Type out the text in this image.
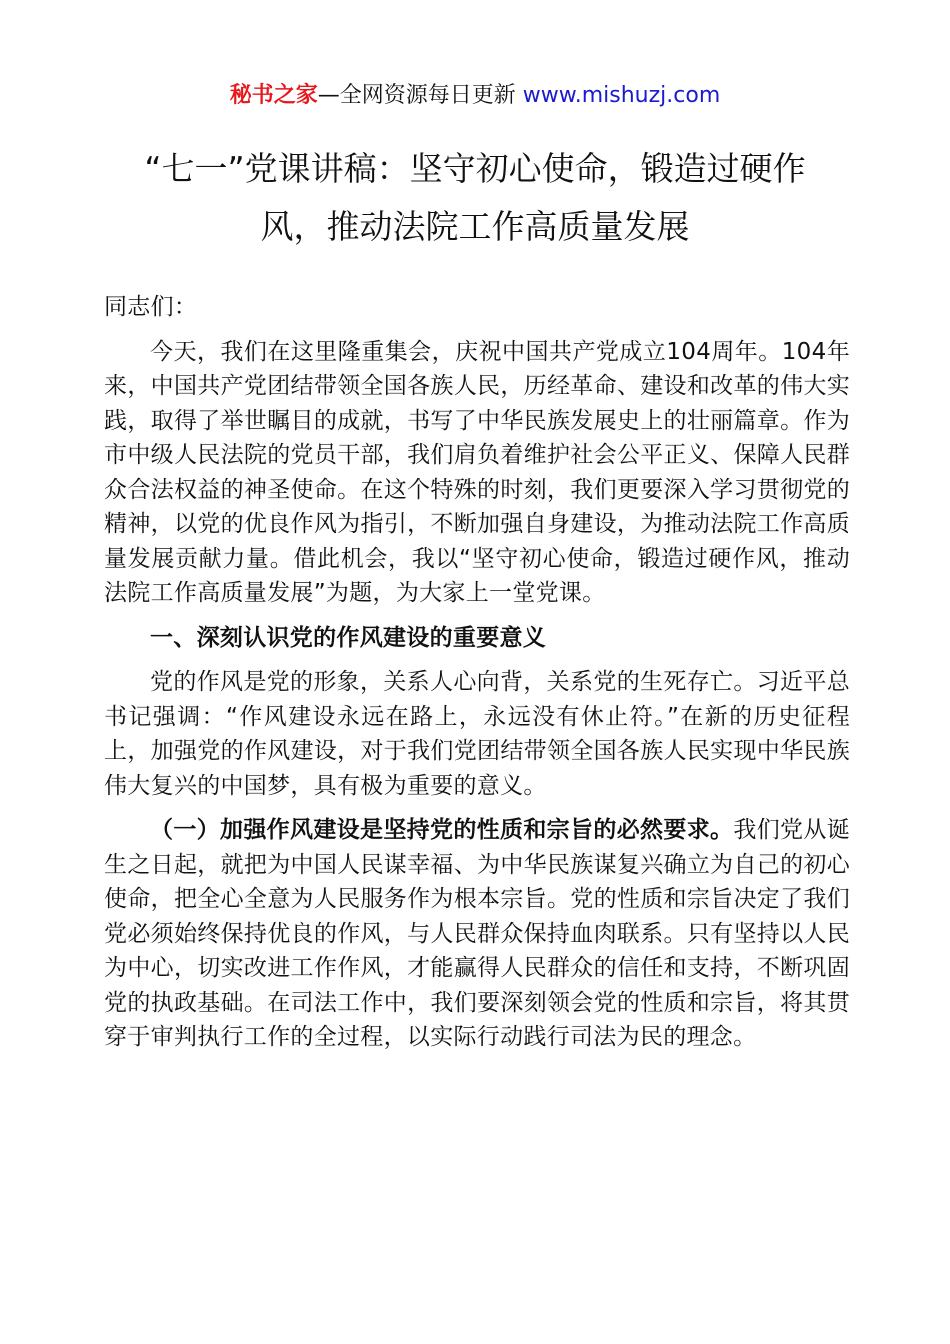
秘书之家—全网资源每日更新 www.mishuzj.com
“七一”党课讲稿：坚守初心使命，锻造过硬作
风，推动法院工作高质量发展

同志们：

今天，我们在这里隆重集会，庆祝中国共产党成立104周年。104年来，中国共产党团结带领全国各族人民，历经革命、建设和改革的伟大实践，取得了举世瞩目的成就，书写了中华民族发展史上的壮丽篇章。作为市中级人民法院的党员干部，我们肩负着维护社会公平正义、保障人民群众合法权益的神圣使命。在这个特殊的时刻，我们更要深入学习贯彻党的精神，以党的优良作风为指引，不断加强自身建设，为推动法院工作高质量发展贡献力量。借此机会，我以“坚守初心使命，锻造过硬作风，推动法院工作高质量发展”为题，为大家上一堂党课。

一、深刻认识党的作风建设的重要意义

党的作风是党的形象，关系人心向背，关系党的生死存亡。习近平总书记强调：“作风建设永远在路上，永远没有休止符。”在新的历史征程上，加强党的作风建设，对于我们党团结带领全国各族人民实现中华民族伟大复兴的中国梦，具有极为重要的意义。

（一）加强作风建设是坚持党的性质和宗旨的必然要求。我们党从诞生之日起，就把为中国人民谋幸福、为中华民族谋复兴确立为自己的初心使命，把全心全意为人民服务作为根本宗旨。党的性质和宗旨决定了我们党必须始终保持优良的作风，与人民群众保持血肉联系。只有坚持以人民为中心，切实改进工作作风，才能赢得人民群众的信任和支持，不断巩固党的执政基础。在司法工作中，我们要深刻领会党的性质和宗旨，将其贯穿于审判执行工作的全过程，以实际行动践行司法为民的理念。
